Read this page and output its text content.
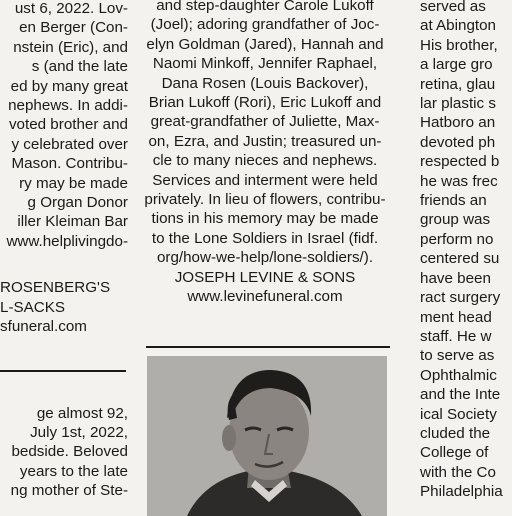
ust 6, 2022. Lov-

en Berger (Con-

nstein (Eric), and

s (and the late

ed by many great

nephews. In addi-

voted brother and

y celebrated over

Mason. Contribu-

ry may be made

g Organ Donor

iller Kleiman Bar

www.helplivingdo-

ROSENBERG'S

L-SACKS

sfuneral.com

ge almost 92,

July 1st, 2022,

bedside. Beloved

years to the late

ng mother of Ste-

and step-daughter Carole Lukoff

(Joel); adoring grandfather of Joc-

elyn Goldman (Jared), Hannah and

Naomi Minkoff, Jennifer Raphael,

Dana Rosen (Louis Backover),

Brian Lukoff (Rori), Eric Lukoff and

great-grandfather of Juliette, Max-

on, Ezra, and Justin; treasured un-

cle to many nieces and nephews.

Services and interment were held

privately. In lieu of flowers, contribu-

tions in his memory may be made

to the Lone Soldiers in Israel (fidf.

org/how-we-help/lone-soldiers/).

JOSEPH LEVINE & SONS

www.levinefuneral.com

served as

at Abington

His brother,

a large gro

retina, glau

lar plastic s

Hatboro an

devoted ph

respected b

he was frec

friends an

group was

perform no

centered su

have been

ract surgery

ment head

staff. He w

to serve as

Ophthalmic

and the Inte

ical Society

cluded the

College of

with the Co

Philadelphia
